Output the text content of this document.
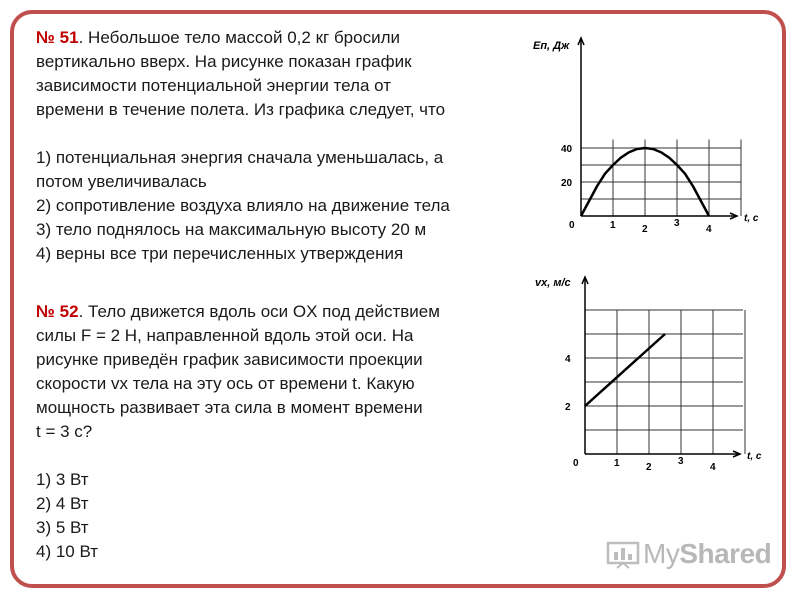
№ 51. Небольшое тело массой 0,2 кг бросили

вертикально вверх. На рисунке показан график

зависимости потенциальной энергии тела от

времени в течение полета. Из графика следует, что

1) потенциальная энергия сначала уменьшалась, а

потом увеличивалась

2) сопротивление воздуха влияло на движение тела

3) тело поднялось на максимальную высоту 20 м

4) верны все три перечисленных утверждения

№ 52. Тело движется вдоль оси OX под действием

силы F = 2 Н, направленной вдоль этой оси. На

рисунке приведён график зависимости проекции

скорости vx тела на эту ось от времени t. Какую

мощность развивает эта сила в момент времени

t = 3 с?

1) 3 Вт

2) 4 Вт

3) 5 Вт

4) 10 Вт

Eп, Дж
t, с
0	1	2
3
4
20
40
vx, м/с
t, с
0	1	2
3
4
2
4
MyShared
